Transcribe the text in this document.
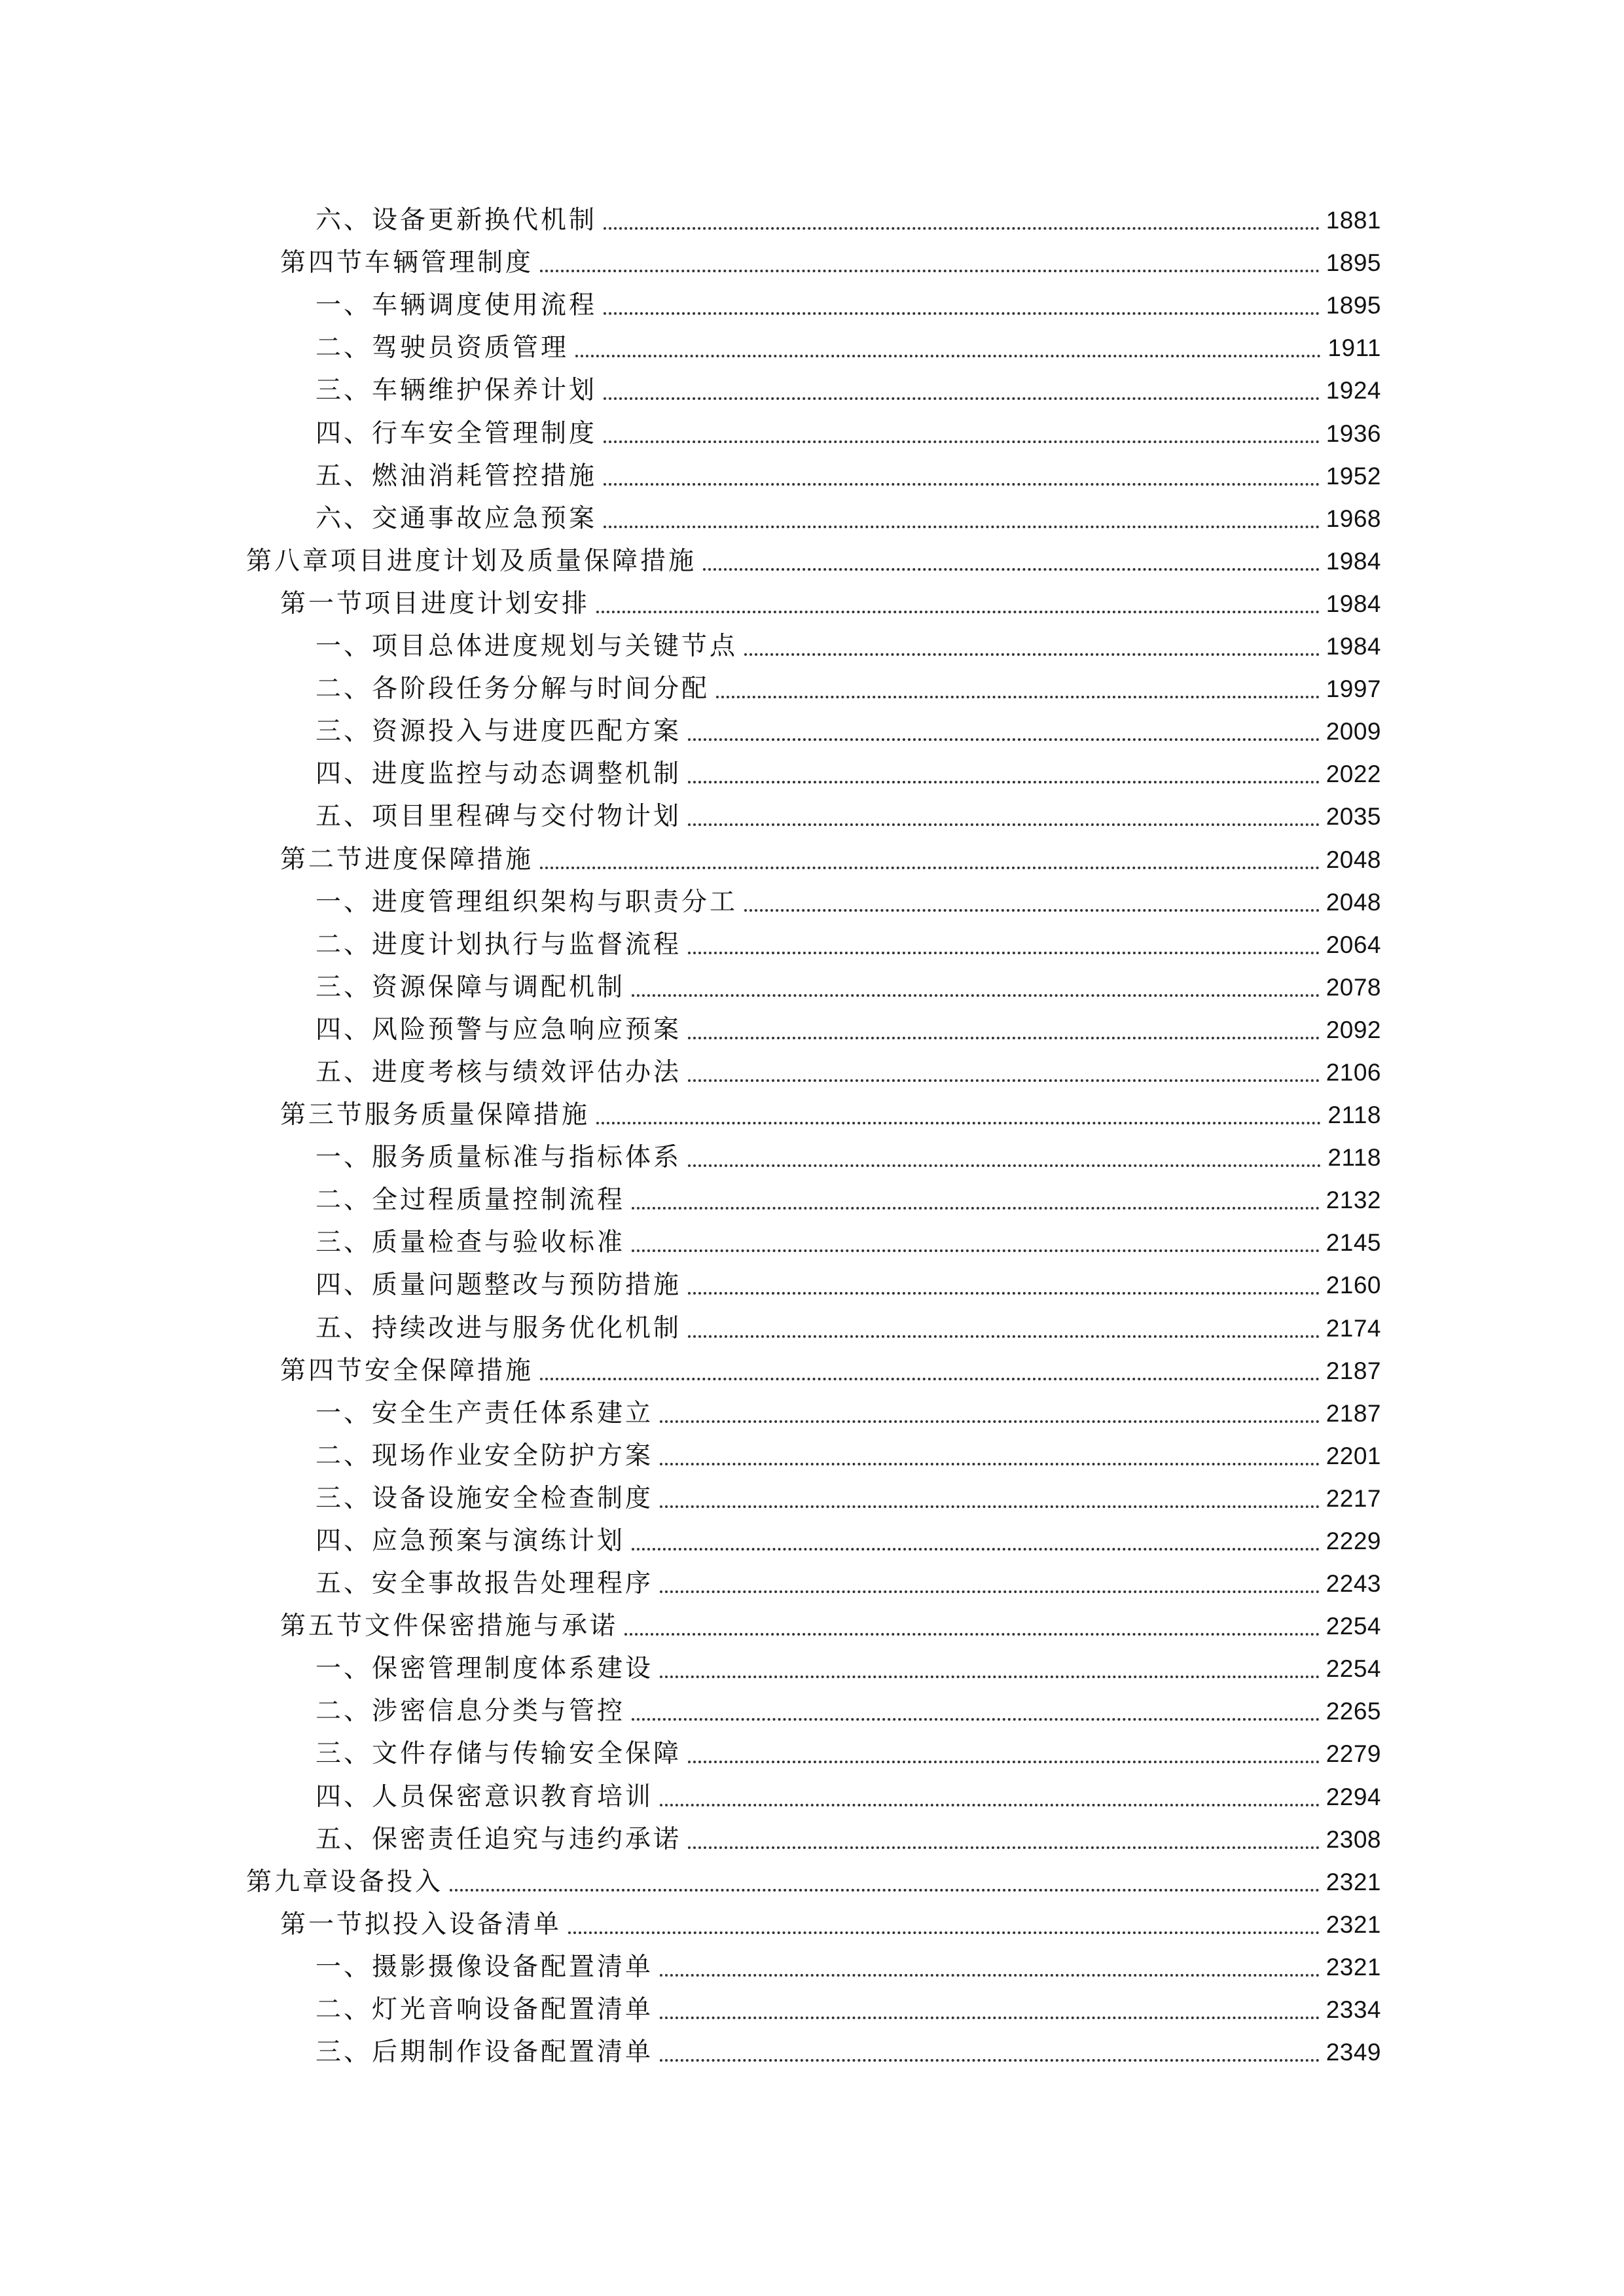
六、设备更新换代机制	1881
第四节车辆管理制度	1895
一、车辆调度使用流程	1895
二、驾驶员资质管理	1911
三、车辆维护保养计划	1924
四、行车安全管理制度	1936
五、燃油消耗管控措施	1952
六、交通事故应急预案	1968
第八章项目进度计划及质量保障措施	1984
第一节项目进度计划安排	1984
一、项目总体进度规划与关键节点	1984
二、各阶段任务分解与时间分配	1997
三、资源投入与进度匹配方案	2009
四、进度监控与动态调整机制	2022
五、项目里程碑与交付物计划	2035
第二节进度保障措施	2048
一、进度管理组织架构与职责分工	2048
二、进度计划执行与监督流程	2064
三、资源保障与调配机制	2078
四、风险预警与应急响应预案	2092
五、进度考核与绩效评估办法	2106
第三节服务质量保障措施	2118
一、服务质量标准与指标体系	2118
二、全过程质量控制流程	2132
三、质量检查与验收标准	2145
四、质量问题整改与预防措施	2160
五、持续改进与服务优化机制	2174
第四节安全保障措施	2187
一、安全生产责任体系建立	2187
二、现场作业安全防护方案	2201
三、设备设施安全检查制度	2217
四、应急预案与演练计划	2229
五、安全事故报告处理程序	2243
第五节文件保密措施与承诺	2254
一、保密管理制度体系建设	2254
二、涉密信息分类与管控	2265
三、文件存储与传输安全保障	2279
四、人员保密意识教育培训	2294
五、保密责任追究与违约承诺	2308
第九章设备投入	2321
第一节拟投入设备清单	2321
一、摄影摄像设备配置清单	2321
二、灯光音响设备配置清单	2334
三、后期制作设备配置清单	2349
